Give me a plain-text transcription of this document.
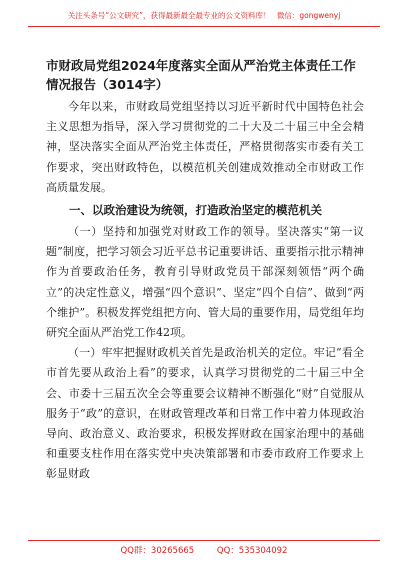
关注头条号“公文研究”，获得最新最全最专业的公文资料库！ 微信：gongwenyj
市财政局党组2024年度落实全面从严治党主体责任工作情况报告（3014字）

今年以来，市财政局党组坚持以习近平新时代中国特色社会主义思想为指导，深入学习贯彻党的二十大及二十届三中全会精神，坚决落实全面从严治党主体责任，严格贯彻落实市委有关工作要求，突出财政特色，以模范机关创建成效推动全市财政工作高质量发展。

一、以政治建设为统领，打造政治坚定的模范机关

（一）坚持和加强党对财政工作的领导。坚决落实“第一议题”制度，把学习领会习近平总书记重要讲话、重要指示批示精神作为首要政治任务，教育引导财政党员干部深刻领悟“两个确立”的决定性意义，增强“四个意识”、坚定“四个自信”、做到“两个维护”。积极发挥党组把方向、管大局的重要作用，局党组年均研究全面从严治党工作42项。

（一）牢牢把握财政机关首先是政治机关的定位。牢记“看全市首先要从政治上看”的要求，认真学习贯彻党的二十届三中全会、市委十三届五次全会等重要会议精神不断强化“财”自觉服从服务于“政”的意识，在财政管理改革和日常工作中着力体现政治导向、政治意义、政治要求，积极发挥财政在国家治理中的基础和重要支柱作用在落实党中央决策部署和市委市政府工作要求上彰显财政

QQ群：30265665	QQ：535304092
